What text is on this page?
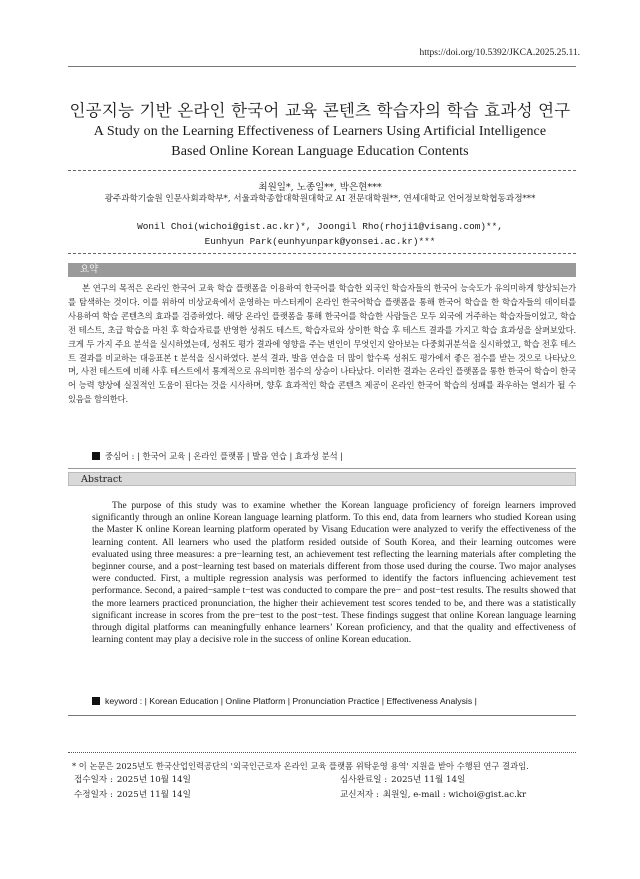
https://doi.org/10.5392/JKCA.2025.25.11.
인공지능 기반 온라인 한국어 교육 콘텐츠 학습자의 학습 효과성 연구
A Study on the Learning Effectiveness of Learners Using Artificial Intelligence
Based Online Korean Language Education Contents
최원일*, 노종일**, 박은현***
광주과학기술원 인문사회과학부*, 서울과학종합대학원대학교 AI 전문대학원**, 연세대학교 언어정보학협동과정***
Wonil Choi(wichoi@gist.ac.kr)*, Joongil Rho(rhoji1@visang.com)**,
Eunhyun Park(eunhyunpark@yonsei.ac.kr)***
요약
본 연구의 목적은 온라인 한국어 교육 학습 플랫폼을 이용하여 한국어를 학습한 외국인 학습자들의 한국어 능숙도가 유의미하게 향상되는가를 탐색하는 것이다. 이를 위하여 비상교육에서 운영하는 마스터케이 온라인 한국어학습 플랫폼을 통해 한국어 학습을 한 학습자들의 데이터를 사용하여 학습 콘텐츠의 효과를 검증하였다. 해당 온라인 플랫폼을 통해 한국어를 학습한 사람들은 모두 외국에 거주하는 학습자들이었고, 학습 전 테스트, 초급 학습을 마친 후 학습자료를 반영한 성취도 테스트, 학습자료와 상이한 학습 후 테스트 결과를 가지고 학습 효과성을 살펴보았다. 크게 두 가지 주요 분석을 실시하였는데, 성취도 평가 결과에 영향을 주는 변인이 무엇인지 알아보는 다중회귀분석을 실시하였고, 학습 전후 테스트 결과를 비교하는 대응표본 t 분석을 실시하였다. 분석 결과, 발음 연습을 더 많이 할수록 성취도 평가에서 좋은 점수를 받는 것으로 나타났으며, 사전 테스트에 비해 사후 테스트에서 통계적으로 유의미한 점수의 상승이 나타났다. 이러한 결과는 온라인 플랫폼을 통한 한국어 학습이 한국어 능력 향상에 실질적인 도움이 된다는 것을 시사하며, 향후 효과적인 학습 콘텐츠 제공이 온라인 한국어 학습의 성패를 좌우하는 열쇠가 될 수 있음을 함의한다.
중심어 : | 한국어 교육 | 온라인 플랫폼 | 발음 연습 | 효과성 분석 |
Abstract
The purpose of this study was to examine whether the Korean language proficiency of foreign learners improved significantly through an online Korean language learning platform. To this end, data from learners who studied Korean using the Master K online Korean learning platform operated by Visang Education were analyzed to verify the effectiveness of the learning content. All learners who used the platform resided outside of South Korea, and their learning outcomes were evaluated using three measures: a pre−learning test, an achievement test reflecting the learning materials after completing the beginner course, and a post−learning test based on materials different from those used during the course. Two major analyses were conducted. First, a multiple regression analysis was performed to identify the factors influencing achievement test performance. Second, a paired−sample t−test was conducted to compare the pre− and post−test results. The results showed that the more learners practiced pronunciation, the higher their achievement test scores tended to be, and there was a statistically significant increase in scores from the pre−test to the post−test. These findings suggest that online Korean language learning through digital platforms can meaningfully enhance learners’ Korean proficiency, and that the quality and effectiveness of learning content may play a decisive role in the success of online Korean education.
keyword : | Korean Education | Online Platform | Pronunciation Practice | Effectiveness Analysis |
* 이 논문은 2025년도 한국산업인력공단의 '외국인근로자 온라인 교육 플랫폼 위탁운영 용역' 지원을 받아 수행된 연구 결과임.
접수일자 : 2025년 10월 14일	심사완료일 : 2025년 11월 14일
수정일자 : 2025년 11월 14일	교신저자 : 최원일, e-mail : wichoi@gist.ac.kr
